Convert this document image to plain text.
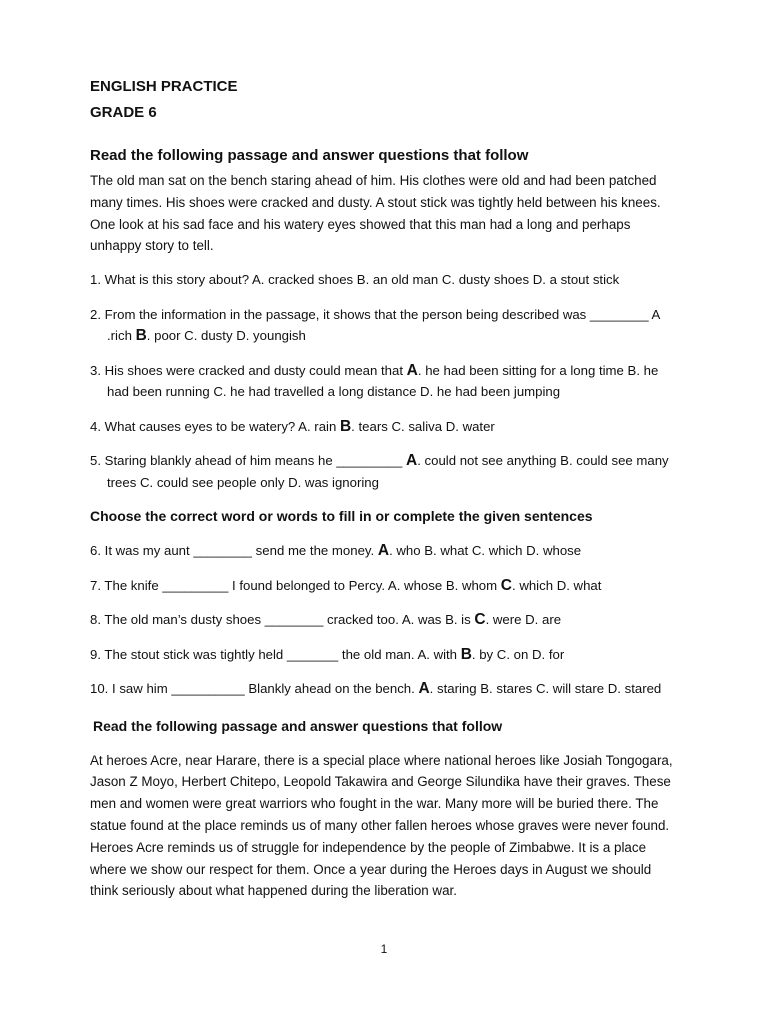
ENGLISH PRACTICE
GRADE 6
Read the following passage and answer questions that follow

The old man sat on the bench staring ahead of him. His clothes were old and had been patched many times. His shoes were cracked and dusty. A stout stick was tightly held between his knees. One look at his sad face and his watery eyes showed that this man had a long and perhaps unhappy story to tell.

1. What is this story about? A. cracked shoes B. an old man C. dusty shoes D. a stout stick

2. From the information in the passage, it shows that the person being described was ________ A .rich B. poor C. dusty D. youngish

3. His shoes were cracked and dusty could mean that A. he had been sitting for a long time B. he had been running C. he had travelled a long distance D. he had been jumping

4. What causes eyes to be watery? A. rain B. tears C. saliva D. water

5. Staring blankly ahead of him means he _________ A. could not see anything B. could see many trees C. could see people only D. was ignoring

Choose the correct word or words to fill in or complete the given sentences

6. It was my aunt ________ send me the money. A. who B. what C. which D. whose

7. The knife _________ I found belonged to Percy. A. whose B. whom C. which D. what

8. The old man’s dusty shoes ________ cracked too. A. was B. is C. were D. are

9. The stout stick was tightly held _______ the old man. A. with B. by C. on D. for

10. I saw him __________ Blankly ahead on the bench. A. staring B. stares C. will stare D. stared

Read the following passage and answer questions that follow

At heroes Acre, near Harare, there is a special place where national heroes like Josiah Tongogara, Jason Z Moyo, Herbert Chitepo, Leopold Takawira and George Silundika have their graves. These men and women were great warriors who fought in the war. Many more will be buried there. The statue found at the place reminds us of many other fallen heroes whose graves were never found. Heroes Acre reminds us of struggle for independence by the people of Zimbabwe. It is a place where we show our respect for them. Once a year during the Heroes days in August we should think seriously about what happened during the liberation war.

1
